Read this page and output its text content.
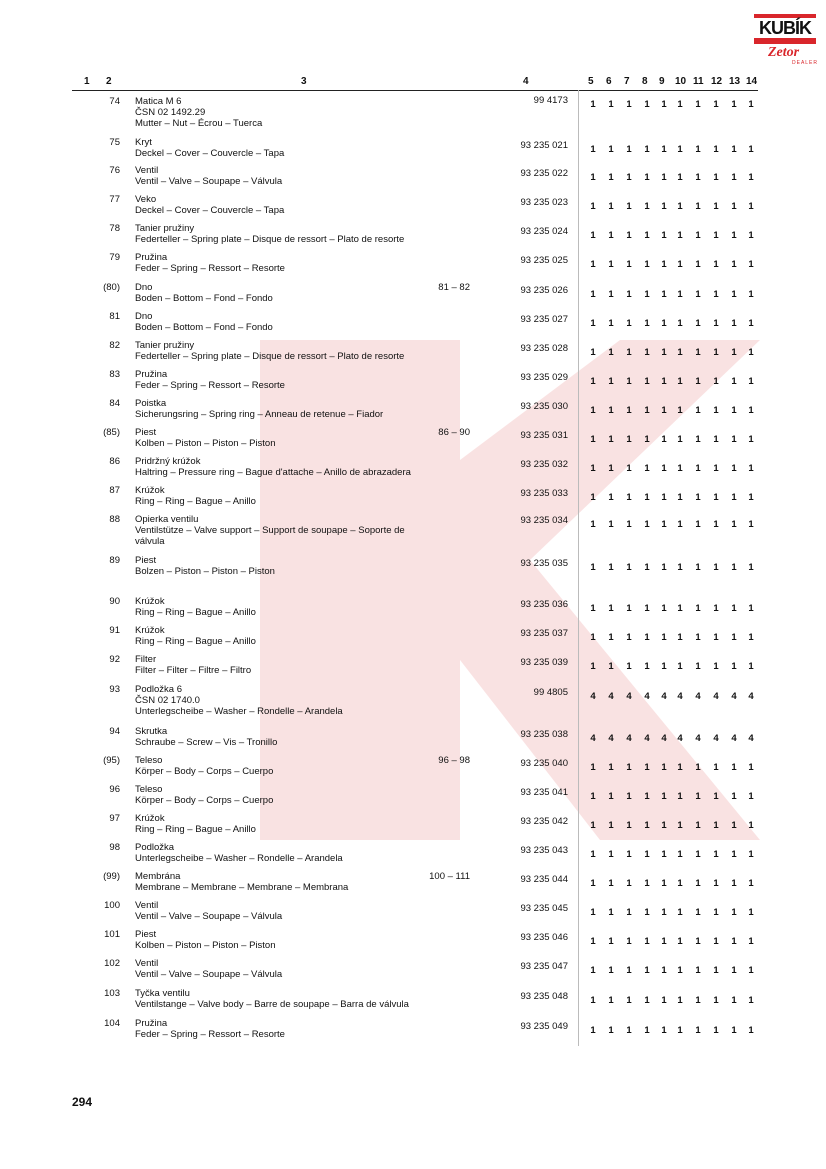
KUBÍK
Zetor
DEALER
1 2	3	4	5 6 7 8 9 10 11 12 13 14
74 Matica M 6
ČSN 02 1492.29
Mutter – Nut – Écrou – Tuerca
99 4173	1	1	1	1	1	1	1	1	1	1
75 Kryt
Deckel – Cover – Couvercle – Tapa
93 235 021	1	1	1	1	1	1	1	1	1	1
76 Ventil
Ventil – Valve – Soupape – Válvula
93 235 022	1	1	1	1	1	1	1	1	1	1
77 Veko
Deckel – Cover – Couvercle – Tapa
93 235 023	1	1	1	1	1	1	1	1	1	1
78 Tanier pružiny
Federteller – Spring plate – Disque de ressort – Plato de resorte
93 235 024	1	1	1	1	1	1	1	1	1	1
79 Pružina
Feder – Spring – Ressort – Resorte
93 235 025	1	1	1	1	1	1	1	1	1	1
(80) Dno
Boden – Bottom – Fond – Fondo
81 – 82	93 235 026	1	1	1	1	1	1	1	1	1	1
81 Dno
Boden – Bottom – Fond – Fondo
93 235 027	1	1	1	1	1	1	1	1	1	1
82 Tanier pružiny
Federteller – Spring plate – Disque de ressort – Plato de resorte
93 235 028	1	1	1	1	1	1	1	1	1	1
83 Pružina
Feder – Spring – Ressort – Resorte
93 235 029	1	1	1	1	1	1	1	1	1	1
84 Poistka
Sicherungsring – Spring ring – Anneau de retenue – Fiador
93 235 030	1	1	1	1	1	1	1	1	1	1
(85) Piest
Kolben – Piston – Piston – Piston
86 – 90	93 235 031	1	1	1	1	1	1	1	1	1	1
86 Pridržný krúžok
Haltring – Pressure ring – Bague d'attache – Anillo de abrazadera
93 235 032	1	1	1	1	1	1	1	1	1	1
87 Krúžok
Ring – Ring – Bague – Anillo
93 235 033	1	1	1	1	1	1	1	1	1	1
88 Opierka ventilu
Ventilstütze – Valve support – Support de soupape – Soporte de
válvula
93 235 034	1	1	1	1	1	1	1	1	1	1
89 Piest
Bolzen – Piston – Piston – Piston
93 235 035	1	1	1	1	1	1	1	1	1	1
90 Krúžok
Ring – Ring – Bague – Anillo
93 235 036	1	1	1	1	1	1	1	1	1	1
91 Krúžok
Ring – Ring – Bague – Anillo
93 235 037	1	1	1	1	1	1	1	1	1	1
92 Filter
Filter – Filter – Filtre – Filtro
93 235 039	1	1	1	1	1	1	1	1	1	1
93 Podložka 6
ČSN 02 1740.0
Unterlegscheibe – Washer – Rondelle – Arandela
99 4805	4	4	4	4	4	4	4	4	4	4
94 Skrutka
Schraube – Screw – Vis – Tronillo
93 235 038	4	4	4	4	4	4	4	4	4	4
(95) Teleso
Körper – Body – Corps – Cuerpo
96 – 98	93 235 040	1	1	1	1	1	1	1	1	1	1
96 Teleso
Körper – Body – Corps – Cuerpo
93 235 041	1	1	1	1	1	1	1	1	1	1
97 Krúžok
Ring – Ring – Bague – Anillo
93 235 042	1	1	1	1	1	1	1	1	1	1
98 Podložka
Unterlegscheibe – Washer – Rondelle – Arandela
93 235 043	1	1	1	1	1	1	1	1	1	1
(99) Membrána
Membrane – Membrane – Membrane – Membrana
100 – 111	93 235 044	1	1	1	1	1	1	1	1	1	1
100 Ventil
Ventil – Valve – Soupape – Válvula
93 235 045	1	1	1	1	1	1	1	1	1	1
101 Piest
Kolben – Piston – Piston – Piston
93 235 046	1	1	1	1	1	1	1	1	1	1
102 Ventil
Ventil – Valve – Soupape – Válvula
93 235 047	1	1	1	1	1	1	1	1	1	1
103 Tyčka ventilu
Ventilstange – Valve body – Barre de soupape – Barra de válvula
93 235 048	1	1	1	1	1	1	1	1	1	1
104 Pružina
Feder – Spring – Ressort – Resorte
93 235 049	1	1	1	1	1	1	1	1	1	1
294
